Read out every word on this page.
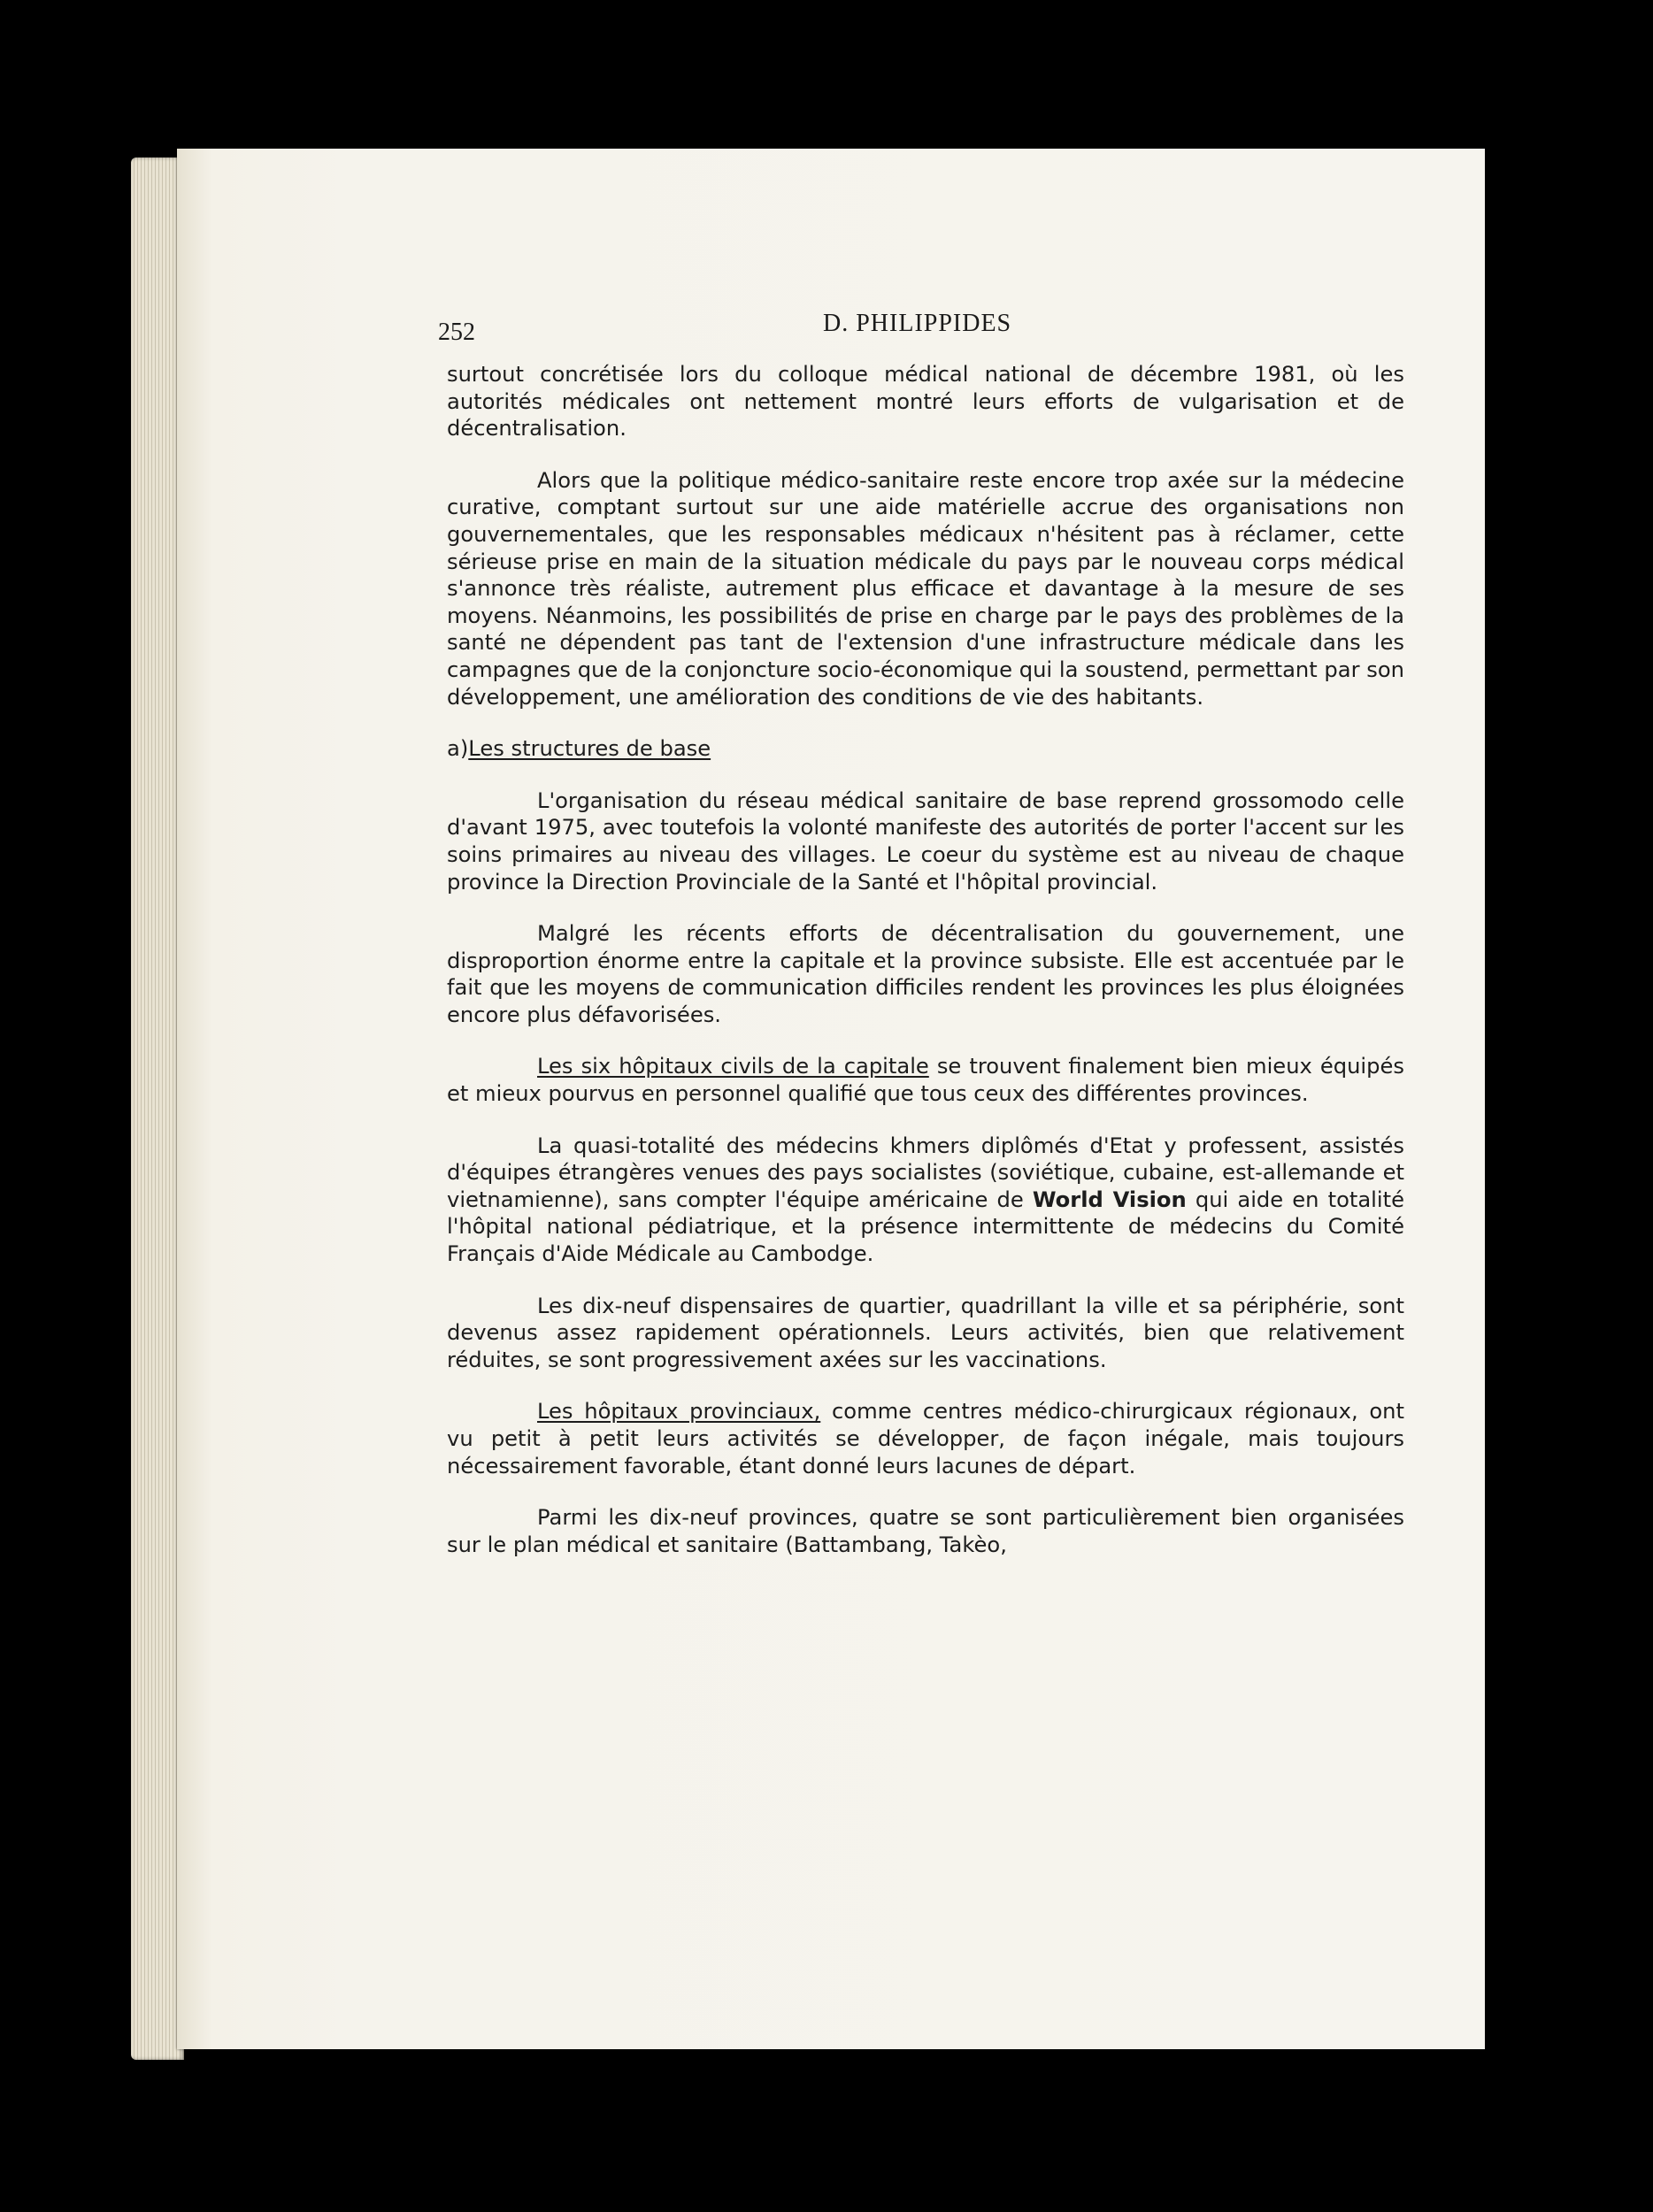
252	D. PHILIPPIDES

surtout concrétisée lors du colloque médical national de décembre 1981, où les autorités médicales ont nettement montré leurs efforts de vulgarisation et de décentralisation.

Alors que la politique médico-sanitaire reste encore trop axée sur la médecine curative, comptant surtout sur une aide matérielle accrue des organisations non gouvernementales, que les responsables médicaux n'hésitent pas à réclamer, cette sérieuse prise en main de la situation médicale du pays par le nouveau corps médical s'annonce très réaliste, autrement plus efficace et davantage à la mesure de ses moyens. Néanmoins, les possibilités de prise en charge par le pays des problèmes de la santé ne dépendent pas tant de l'extension d'une infrastructure médicale dans les campagnes que de la conjoncture socio-économique qui la soustend, permettant par son développement, une amélioration des conditions de vie des habitants.

a)Les structures de base

L'organisation du réseau médical sanitaire de base reprend grossomodo celle d'avant 1975, avec toutefois la volonté manifeste des autorités de porter l'accent sur les soins primaires au niveau des villages. Le coeur du système est au niveau de chaque province la Direction Provinciale de la Santé et l'hôpital provincial.

Malgré les récents efforts de décentralisation du gouvernement, une disproportion énorme entre la capitale et la province subsiste. Elle est accentuée par le fait que les moyens de communication difficiles rendent les provinces les plus éloignées encore plus défavorisées.

Les six hôpitaux civils de la capitale se trouvent finalement bien mieux équipés et mieux pourvus en personnel qualifié que tous ceux des différentes provinces.

La quasi-totalité des médecins khmers diplômés d'Etat y professent, assistés d'équipes étrangères venues des pays socialistes (soviétique, cubaine, est-allemande et vietnamienne), sans compter l'équipe américaine de World Vision qui aide en totalité l'hôpital national pédiatrique, et la présence intermittente de médecins du Comité Français d'Aide Médicale au Cambodge.

Les dix-neuf dispensaires de quartier, quadrillant la ville et sa périphérie, sont devenus assez rapidement opérationnels. Leurs activités, bien que relativement réduites, se sont progressivement axées sur les vaccinations.

Les hôpitaux provinciaux, comme centres médico-chirurgicaux régionaux, ont vu petit à petit leurs activités se développer, de façon inégale, mais toujours nécessairement favorable, étant donné leurs lacunes de départ.

Parmi les dix-neuf provinces, quatre se sont particulièrement bien organisées sur le plan médical et sanitaire (Battambang, Takèo,
